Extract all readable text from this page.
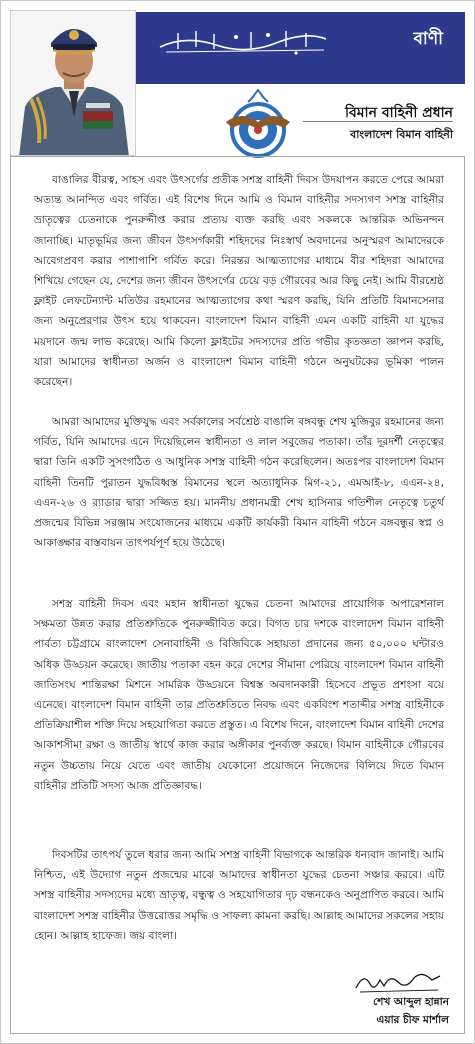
বাণী
বিমান বাহিনী প্রধান
বাংলাদেশ বিমান বাহিনী

বাঙালির বীরত্ব, সাহস এবং উৎসর্গের প্রতীক সশস্ত্র বাহিনী দিবস উদযাপন করতে পেরে আমরা অত্যন্ত আনন্দিত এবং গর্বিত। এই বিশেষ দিনে আমি ও বিমান বাহিনীর সদস্যগণ সশস্ত্র বাহিনীর ভ্রাতৃত্বের চেতনাকে পুনরুদ্দীপ্ত করার প্রত্যয় ব্যক্ত করছি এবং সকলকে আন্তরিক অভিনন্দন জানাচ্ছি। মাতৃভূমির জন্য জীবন উৎসর্গকারী শহিদদের নিঃস্বার্থ অবদানের অনুস্মরণ আমাদেরকে আবেগপ্রবণ করার পাশাপাশি গর্বিত করে। নিরন্তর আত্মত্যাগের মাধ্যমে বীর শহিদরা আমাদের শিখিয়ে গেছেন যে, দেশের জন্য জীবন উৎসর্গের চেয়ে বড় গৌরবের আর কিছু নেই। আমি বীরশ্রেষ্ঠ ফ্লাইট লেফটেন্যান্ট মতিউর রহমানের আত্মত্যাগের কথা স্মরণ করছি, যিনি প্রতিটি বিমানসেনার জন্য অনুপ্রেরণার উৎস হয়ে থাকবেন। বাংলাদেশ বিমান বাহিনী এমন একটি বাহিনী যা যুদ্ধের ময়দানে জন্ম লাভ করেছে। আমি কিলো ফ্লাইটের সদস্যদের প্রতি গভীর কৃতজ্ঞতা জ্ঞাপন করছি, যারা আমাদের স্বাধীনতা অর্জন ও বাংলাদেশ বিমান বাহিনী গঠনে অনুঘটকের ভূমিকা পালন করেছেন।

আমরা আমাদের মুক্তিযুদ্ধ এবং সর্বকালের সর্বশ্রেষ্ঠ বাঙালি বঙ্গবন্ধু শেখ মুজিবুর রহমানের জন্য গর্বিত, যিনি আমাদের এনে দিয়েছিলেন স্বাধীনতা ও লাল সবুজের পতাকা। তাঁর দূরদর্শী নেতৃত্বের দ্বারা তিনি একটি সুসংগঠিত ও আধুনিক সশস্ত্র বাহিনী গঠন করেছিলেন। অতঃপর বাংলাদেশ বিমান বাহিনী তিনটি পুরাতন যুদ্ধবিধ্বস্ত বিমানের স্থলে অত্যাধুনিক মিগ-২১, এমআই-৮, এএন-২৪, এএন-২৬ ও র‍্যাডার দ্বারা সজ্জিত হয়। মাননীয় প্রধানমন্ত্রী শেখ হাসিনার গতিশীল নেতৃত্বে চতুর্থ প্রজন্মের বিভিন্ন সরঞ্জাম সংযোজনের মাধ্যমে একটি কার্যকরী বিমান বাহিনী গঠনে বঙ্গবন্ধুর স্বপ্ন ও আকাঙ্ক্ষার বাস্তবায়ন তাৎপর্যপূর্ণ হয়ে উঠেছে।

সশস্ত্র বাহিনী দিবস এবং মহান স্বাধীনতা যুদ্ধের চেতনা আমাদের প্রায়োগিক অপারেশনাল সক্ষমতা উন্নত করার প্রতিশ্রুতিকে পুনরুজ্জীবিত করে। বিগত চার দশকে বাংলাদেশ বিমান বাহিনী পার্বত্য চট্টগ্রামে বাংলাদেশ সেনাবাহিনী ও বিজিবিকে সহায়তা প্রদানের জন্য ৫০,০০০ ঘন্টারও অধিক উড্ডয়ন করেছে। জাতীয় পতাকা বহন করে দেশের সীমানা পেরিয়ে বাংলাদেশ বিমান বাহিনী জাতিসংঘ শান্তিরক্ষা মিশনে সামরিক উড্ডয়নে বিশ্বস্ত অবদানকারী হিসেবে প্রভূত প্রশংসা বয়ে এনেছে। বাংলাদেশ বিমান বাহিনী তার প্রতিশ্রুতিতে নিবদ্ধ এবং একবিংশ শতাব্দীর সশস্ত্র বাহিনীকে প্রতিক্রিয়াশীল শক্তি দিয়ে সহযোগিতা করতে প্রস্তুত। এ বিশেষ দিনে, বাংলাদেশ বিমান বাহিনী দেশের আকাশসীমা রক্ষা ও জাতীয় স্বার্থে কাজ করার অঙ্গীকার পুনর্ব্যক্ত করছে। বিমান বাহিনীকে গৌরবের নতুন উচ্চতায় নিয়ে যেতে এবং জাতীয় যেকোনো প্রয়োজনে নিজেদের বিলিয়ে দিতে বিমান বাহিনীর প্রতিটি সদস্য আজ প্রতিজ্ঞাবদ্ধ।

দিবসটির তাৎপর্য তুলে ধরার জন্য আমি সশস্ত্র বাহিনী বিভাগকে আন্তরিক ধন্যবাদ জানাই। আমি নিশ্চিত, এই উদ্যোগ নতুন প্রজন্মের মাঝে আমাদের স্বাধীনতা যুদ্ধের চেতনা সঞ্চার করবে। এটি সশস্ত্র বাহিনীর সদস্যদের মধ্যে ভ্রাতৃত্ব, বন্ধুত্ব ও সহযোগিতার দৃঢ় বন্ধনকেও অনুপ্রাণিত করবে। আমি বাংলাদেশ সশস্ত্র বাহিনীর উত্তরোত্তর সমৃদ্ধি ও সাফল্য কামনা করছি। আল্লাহ আমাদের সকলের সহায় হোন। আল্লাহ হাফেজ। জয় বাংলা।

শেখ আব্দুল হান্নান
এয়ার চীফ মার্শাল
